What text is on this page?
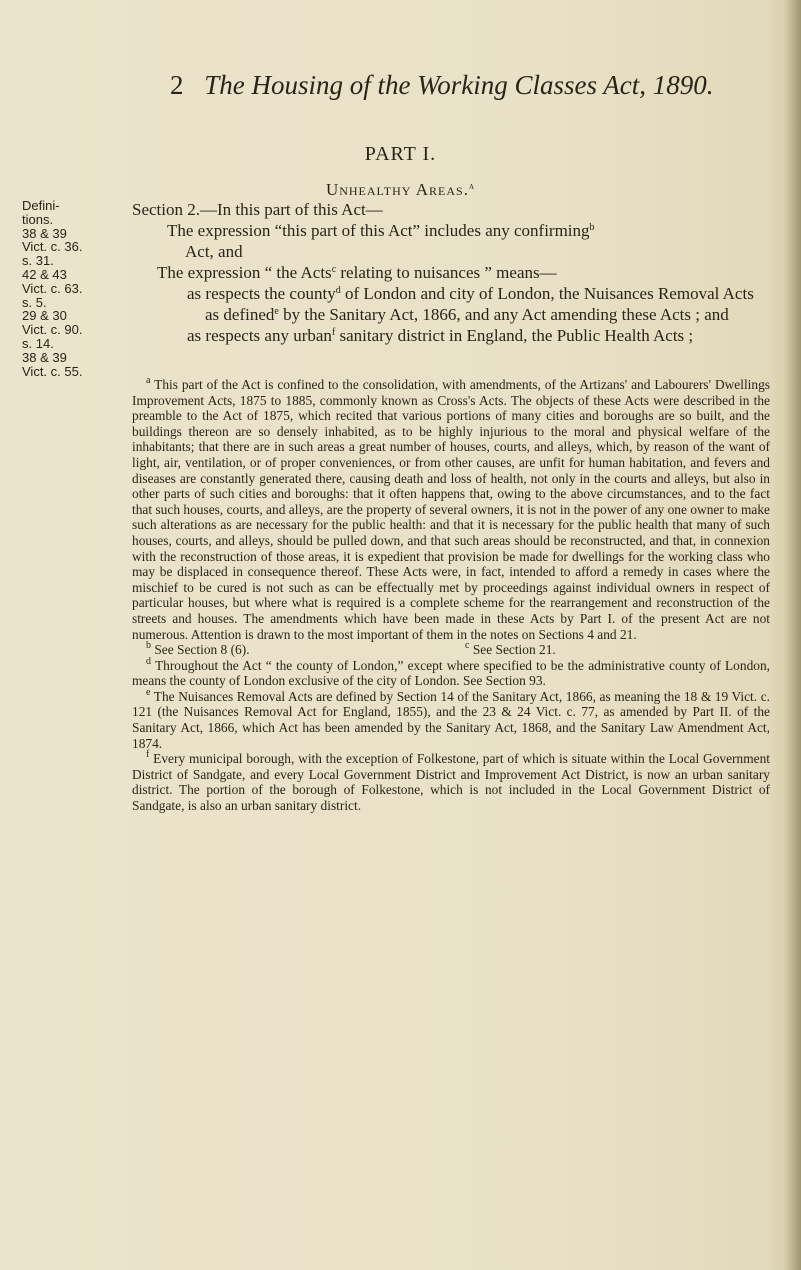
2 The Housing of the Working Classes Act, 1890.
PART I.
Unhealthy Areas.$^a$
Defini-
tions.
38 & 39
Vict. c. 36.
s. 31.
42 & 43
Vict. c. 63.
s. 5.
29 & 30
Vict. c. 90.
s. 14.
38 & 39
Vict. c. 55.

Section 2.—In this part of this Act—

The expression “this part of this Act” includes any confirming$^b$
Act, and

The expression “ the Acts$^c$ relating to nuisances ” means—

as respects the county$^d$ of London and city of London, the Nuisances Removal Acts as defined$^e$ by the Sanitary Act, 1866, and any Act amending these Acts ; and

as respects any urban$^f$ sanitary district in England, the Public Health Acts ;

$^a$ This part of the Act is confined to the consolidation, with amendments, of the Artizans' and Labourers' Dwellings Improvement Acts, 1875 to 1885, commonly known as Cross's Acts. The objects of these Acts were described in the preamble to the Act of 1875, which recited that various portions of many cities and boroughs are so built, and the buildings thereon are so densely inhabited, as to be highly injurious to the moral and physical welfare of the inhabitants; that there are in such areas a great number of houses, courts, and alleys, which, by reason of the want of light, air, ventilation, or of proper conveniences, or from other causes, are unfit for human habitation, and fevers and diseases are constantly generated there, causing death and loss of health, not only in the courts and alleys, but also in other parts of such cities and boroughs: that it often happens that, owing to the above circumstances, and to the fact that such houses, courts, and alleys, are the property of several owners, it is not in the power of any one owner to make such alterations as are necessary for the public health: and that it is necessary for the public health that many of such houses, courts, and alleys, should be pulled down, and that such areas should be reconstructed, and that, in connexion with the reconstruction of those areas, it is expedient that provision be made for dwellings for the working class who may be displaced in consequence thereof. These Acts were, in fact, intended to afford a remedy in cases where the mischief to be cured is not such as can be effectually met by proceedings against individual owners in respect of particular houses, but where what is required is a complete scheme for the rearrangement and reconstruction of the streets and houses. The amendments which have been made in these Acts by Part I. of the present Act are not numerous. Attention is drawn to the most important of them in the notes on Sections 4 and 21.

$^b$ See Section 8 (6).	$^c$ See Section 21.

$^d$ Throughout the Act “ the county of London,” except where specified to be the administrative county of London, means the county of London exclusive of the city of London. See Section 93.

$^e$ The Nuisances Removal Acts are defined by Section 14 of the Sanitary Act, 1866, as meaning the 18 & 19 Vict. c. 121 (the Nuisances Removal Act for England, 1855), and the 23 & 24 Vict. c. 77, as amended by Part II. of the Sanitary Act, 1866, which Act has been amended by the Sanitary Act, 1868, and the Sanitary Law Amendment Act, 1874.

$^f$ Every municipal borough, with the exception of Folkestone, part of which is situate within the Local Government District of Sandgate, and every Local Government District and Improvement Act District, is now an urban sanitary district. The portion of the borough of Folkestone, which is not included in the Local Government District of Sandgate, is also an urban sanitary district.
